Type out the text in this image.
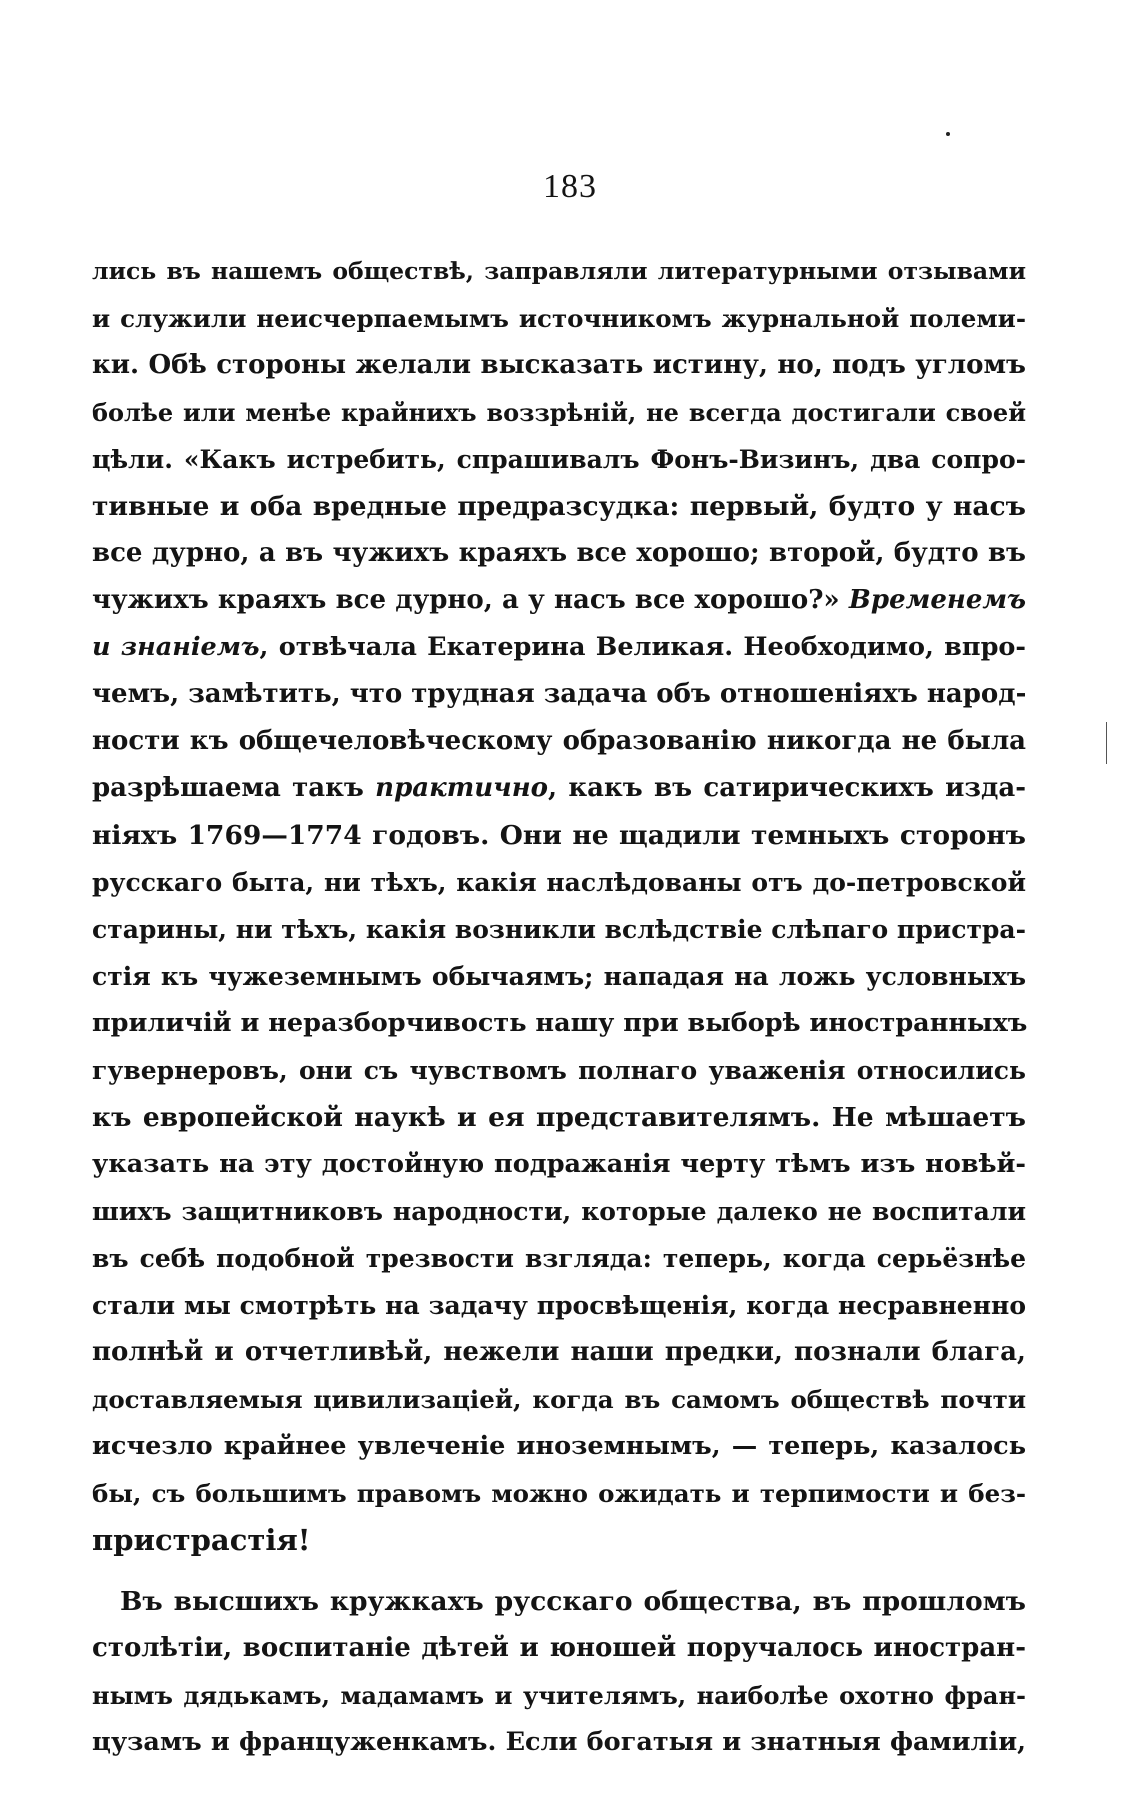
183
лись въ нашемъ обществѣ, заправляли литературными отзывами
и служили неисчерпаемымъ источникомъ журнальной полеми-
ки. Обѣ стороны желали высказать истину, но, подъ угломъ
болѣе или менѣе крайнихъ воззрѣній, не всегда достигали своей
цѣли. «Какъ истребить, спрашивалъ Фонъ-Визинъ, два сопро-
тивные и оба вредные предразсудка: первый, будто у насъ
все дурно, а въ чужихъ краяхъ все хорошо; второй, будто въ
чужихъ краяхъ все дурно, а у насъ все хорошо?» Временемъ
и знаніемъ, отвѣчала Екатерина Великая. Необходимо, впро-
чемъ, замѣтить, что трудная задача объ отношеніяхъ народ-
ности къ общечеловѣческому образованію никогда не была
разрѣшаема такъ практично, какъ въ сатирическихъ изда-
ніяхъ 1769—1774 годовъ. Они не щадили темныхъ сторонъ
русскаго быта, ни тѣхъ, какія наслѣдованы отъ до-петровской
старины, ни тѣхъ, какія возникли вслѣдствіе слѣпаго пристра-
стія къ чужеземнымъ обычаямъ; нападая на ложь условныхъ
приличій и неразборчивость нашу при выборѣ иностранныхъ
гувернеровъ, они съ чувствомъ полнаго уваженія относились
къ европейской наукѣ и ея представителямъ. Не мѣшаетъ
указать на эту достойную подражанія черту тѣмъ изъ новѣй-
шихъ защитниковъ народности, которые далеко не воспитали
въ себѣ подобной трезвости взгляда: теперь, когда серьёзнѣе
стали мы смотрѣть на задачу просвѣщенія, когда несравненно
полнѣй и отчетливѣй, нежели наши предки, познали блага,
доставляемыя цивилизаціей, когда въ самомъ обществѣ почти
исчезло крайнее увлеченіе иноземнымъ, — теперь, казалось
бы, съ большимъ правомъ можно ожидать и терпимости и без-
пристрастія!
Въ высшихъ кружкахъ русскаго общества, въ прошломъ
столѣтіи, воспитаніе дѣтей и юношей поручалось иностран-
нымъ дядькамъ, мадамамъ и учителямъ, наиболѣе охотно фран-
цузамъ и француженкамъ. Если богатыя и знатныя фамиліи,
